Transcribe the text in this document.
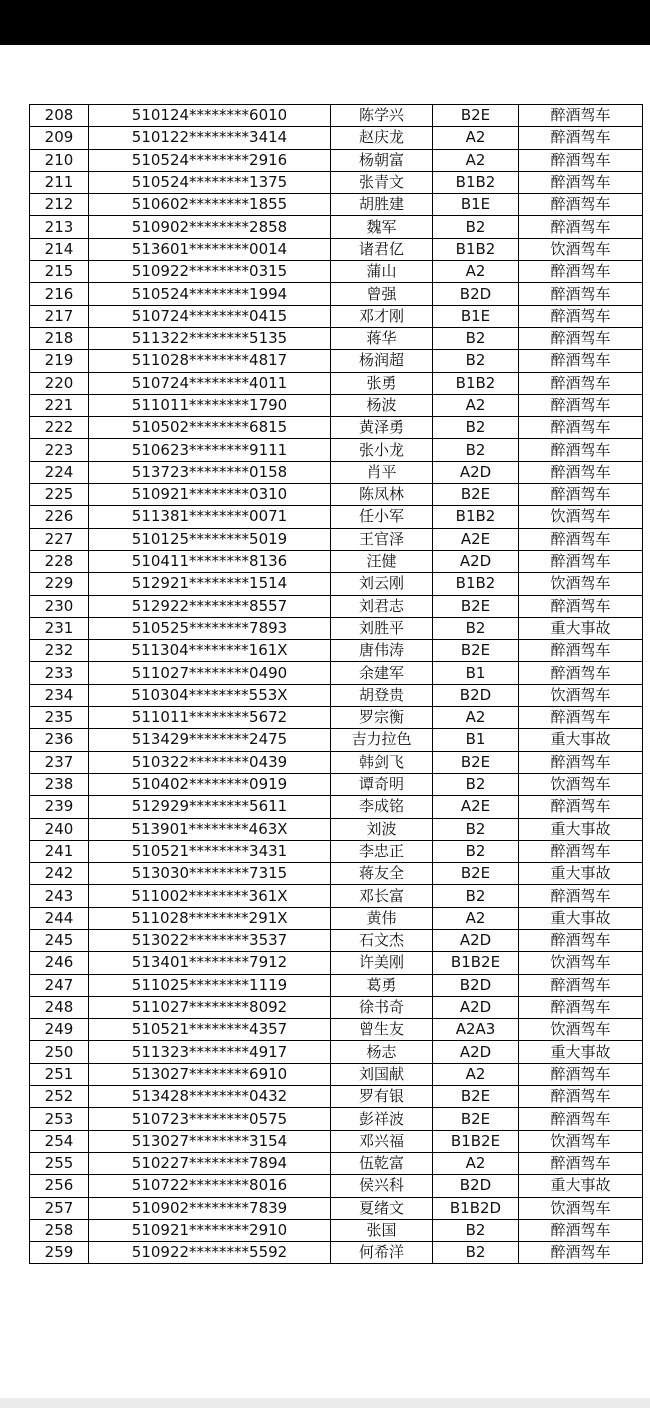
208	510124********6010	陈学兴	B2E	醉酒驾车
209	510122********3414	赵庆龙	A2	醉酒驾车
210	510524********2916	杨朝富	A2	醉酒驾车
211	510524********1375	张青文	B1B2	醉酒驾车
212	510602********1855	胡胜建	B1E	醉酒驾车
213	510902********2858	魏军	B2	醉酒驾车
214	513601********0014	诸君亿	B1B2	饮酒驾车
215	510922********0315	蒲山	A2	醉酒驾车
216	510524********1994	曾强	B2D	醉酒驾车
217	510724********0415	邓才刚	B1E	醉酒驾车
218	511322********5135	蒋华	B2	醉酒驾车
219	511028********4817	杨润超	B2	醉酒驾车
220	510724********4011	张勇	B1B2	醉酒驾车
221	511011********1790	杨波	A2	醉酒驾车
222	510502********6815	黄泽勇	B2	醉酒驾车
223	510623********9111	张小龙	B2	醉酒驾车
224	513723********0158	肖平	A2D	醉酒驾车
225	510921********0310	陈凤林	B2E	醉酒驾车
226	511381********0071	任小军	B1B2	饮酒驾车
227	510125********5019	王官泽	A2E	醉酒驾车
228	510411********8136	汪健	A2D	醉酒驾车
229	512921********1514	刘云刚	B1B2	饮酒驾车
230	512922********8557	刘君志	B2E	醉酒驾车
231	510525********7893	刘胜平	B2	重大事故
232	511304********161X	唐伟涛	B2E	醉酒驾车
233	511027********0490	余建军	B1	醉酒驾车
234	510304********553X	胡登贵	B2D	饮酒驾车
235	511011********5672	罗宗衡	A2	醉酒驾车
236	513429********2475	吉力拉色	B1	重大事故
237	510322********0439	韩剑飞	B2E	醉酒驾车
238	510402********0919	谭奇明	B2	饮酒驾车
239	512929********5611	李成铭	A2E	醉酒驾车
240	513901********463X	刘波	B2	重大事故
241	510521********3431	李忠正	B2	醉酒驾车
242	513030********7315	蒋友全	B2E	重大事故
243	511002********361X	邓长富	B2	醉酒驾车
244	511028********291X	黄伟	A2	重大事故
245	513022********3537	石文杰	A2D	醉酒驾车
246	513401********7912	许美刚	B1B2E	饮酒驾车
247	511025********1119	葛勇	B2D	醉酒驾车
248	511027********8092	徐书奇	A2D	醉酒驾车
249	510521********4357	曾生友	A2A3	饮酒驾车
250	511323********4917	杨志	A2D	重大事故
251	513027********6910	刘国献	A2	醉酒驾车
252	513428********0432	罗有银	B2E	醉酒驾车
253	510723********0575	彭祥波	B2E	醉酒驾车
254	513027********3154	邓兴福	B1B2E	饮酒驾车
255	510227********7894	伍乾富	A2	醉酒驾车
256	510722********8016	侯兴科	B2D	重大事故
257	510902********7839	夏绪文	B1B2D	饮酒驾车
258	510921********2910	张国	B2	醉酒驾车
259	510922********5592	何希洋	B2	醉酒驾车
